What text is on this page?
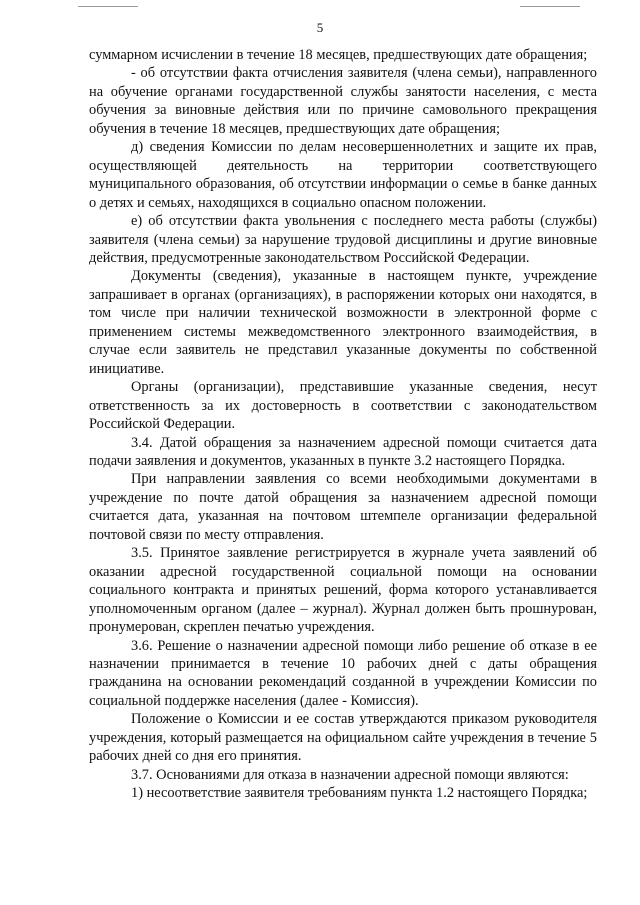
5

суммарном исчислении в течение 18 месяцев, предшествующих дате обращения;

- об отсутствии факта отчисления заявителя (члена семьи), направленного на обучение органами государственной службы занятости населения, с места обучения за виновные действия или по причине самовольного прекращения обучения в течение 18 месяцев, предшествующих дате обращения;

д) сведения Комиссии по делам несовершеннолетних и защите их прав, осуществляющей деятельность на территории соответствующего муниципального образования, об отсутствии информации о семье в банке данных о детях и семьях, находящихся в социально опасном положении.

е) об отсутствии факта увольнения с последнего места работы (службы) заявителя (члена семьи) за нарушение трудовой дисциплины и другие виновные действия, предусмотренные законодательством Российской Федерации.

Документы (сведения), указанные в настоящем пункте, учреждение запрашивает в органах (организациях), в распоряжении которых они находятся, в том числе при наличии технической возможности в электронной форме с применением системы межведомственного электронного взаимодействия, в случае если заявитель не представил указанные документы по собственной инициативе.

Органы (организации), представившие указанные сведения, несут ответственность за их достоверность в соответствии с законодательством Российской Федерации.

3.4. Датой обращения за назначением адресной помощи считается дата подачи заявления и документов, указанных в пункте 3.2 настоящего Порядка.

При направлении заявления со всеми необходимыми документами в учреждение по почте датой обращения за назначением адресной помощи считается дата, указанная на почтовом штемпеле организации федеральной почтовой связи по месту отправления.

3.5. Принятое заявление регистрируется в журнале учета заявлений об оказании адресной государственной социальной помощи на основании социального контракта и принятых решений, форма которого устанавливается уполномоченным органом (далее – журнал). Журнал должен быть прошнурован, пронумерован, скреплен печатью учреждения.

3.6. Решение о назначении адресной помощи либо решение об отказе в ее назначении принимается в течение 10 рабочих дней с даты обращения гражданина на основании рекомендаций созданной в учреждении Комиссии по социальной поддержке населения (далее - Комиссия).

Положение о Комиссии и ее состав утверждаются приказом руководителя учреждения, который размещается на официальном сайте учреждения в течение 5 рабочих дней со дня его принятия.

3.7. Основаниями для отказа в назначении адресной помощи являются:

1) несоответствие заявителя требованиям пункта 1.2 настоящего Порядка;
